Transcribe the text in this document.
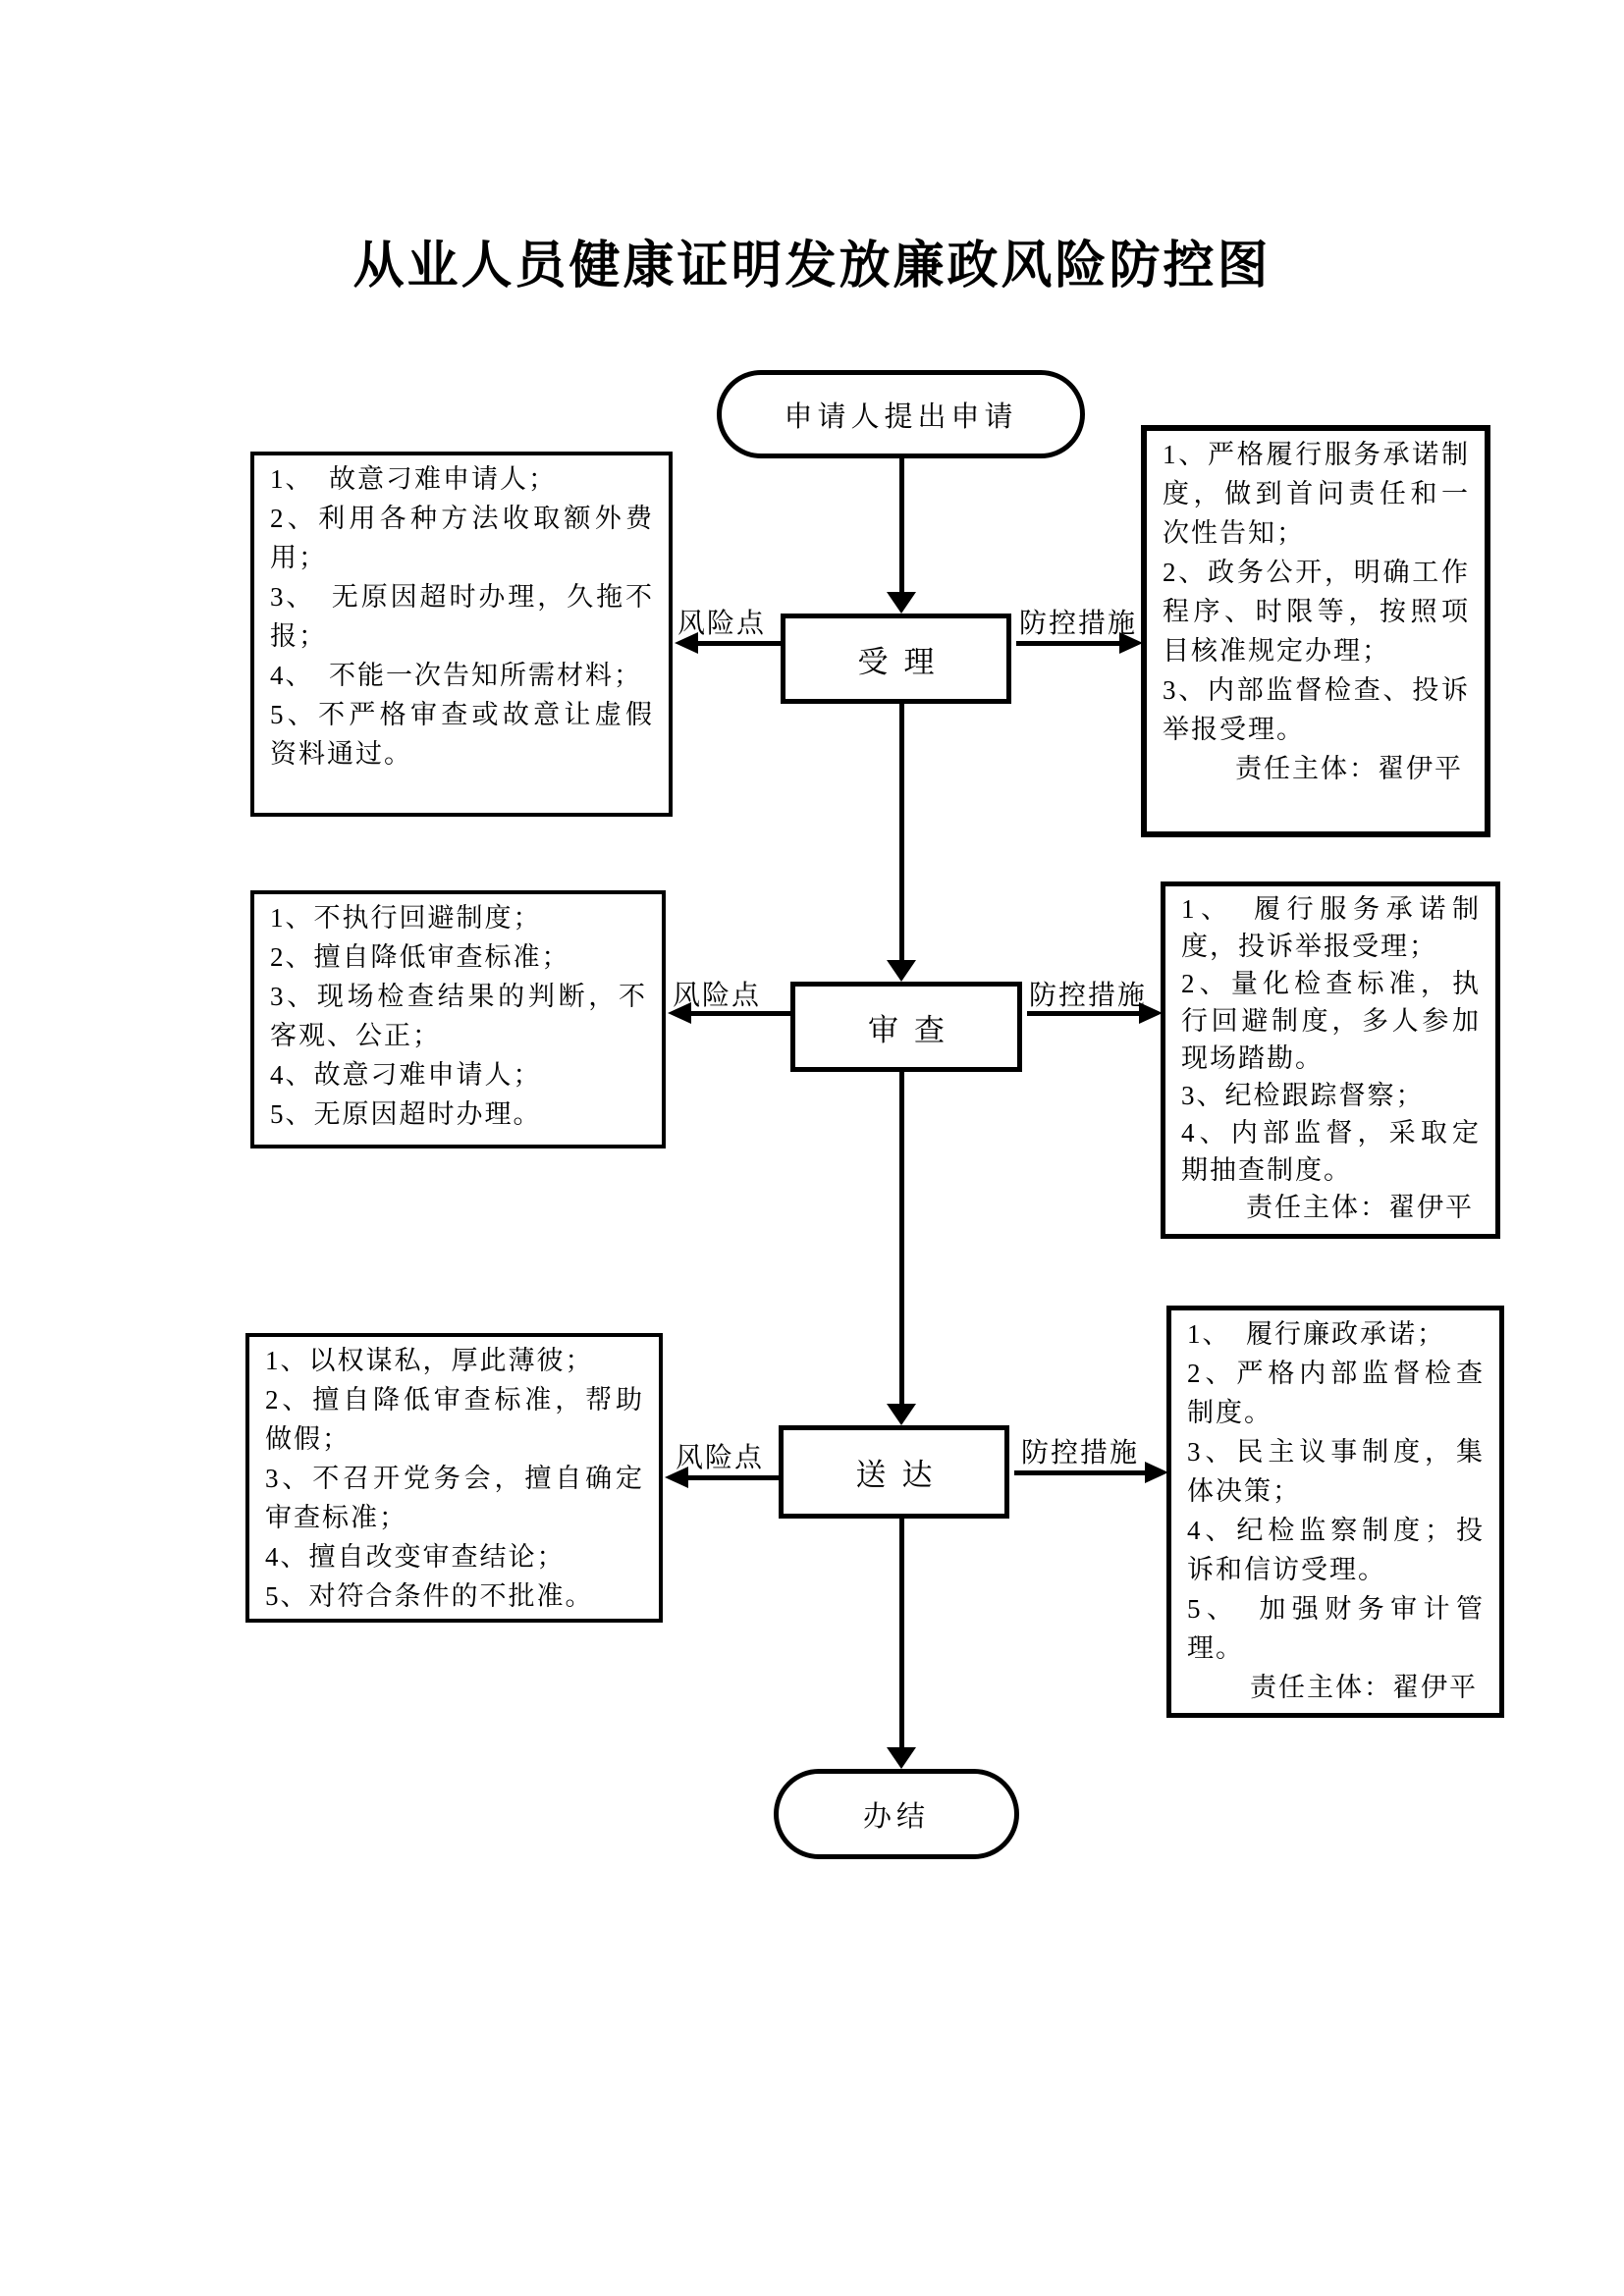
从业人员健康证明发放廉政风险防控图
申请人提出申请
1、　故意刁难申请人；
2、利用各种方法收取额外费用；
3、　无原因超时办理，久拖不报；
4、　不能一次告知所需材料；
5、不严格审查或故意让虚假资料通过。
风险点
受理
防控措施
1、严格履行服务承诺制度，做到首问责任和一次性告知；
2、政务公开，明确工作程序、时限等，按照项目核准规定办理；
3、内部监督检查、投诉举报受理。
责任主体：翟伊平
1、不执行回避制度；
2、擅自降低审查标准；
3、现场检查结果的判断，不客观、公正；
4、故意刁难申请人；
5、无原因超时办理。
风险点
审查
防控措施
1、　履行服务承诺制度，投诉举报受理；
2、量化检查标准，执行回避制度，多人参加现场踏勘。
3、纪检跟踪督察；
4、内部监督，采取定期抽查制度。
责任主体：翟伊平
1、以权谋私，厚此薄彼；
2、擅自降低审查标准，帮助做假；
3、不召开党务会，擅自确定审查标准；
4、擅自改变审查结论；
5、对符合条件的不批准。
风险点	送达
防控措施
1、　履行廉政承诺；
2、严格内部监督检查制度。
3、民主议事制度，集体决策；
4、纪检监察制度；投诉和信访受理。
5、　加强财务审计管理。
责任主体：翟伊平
办结
